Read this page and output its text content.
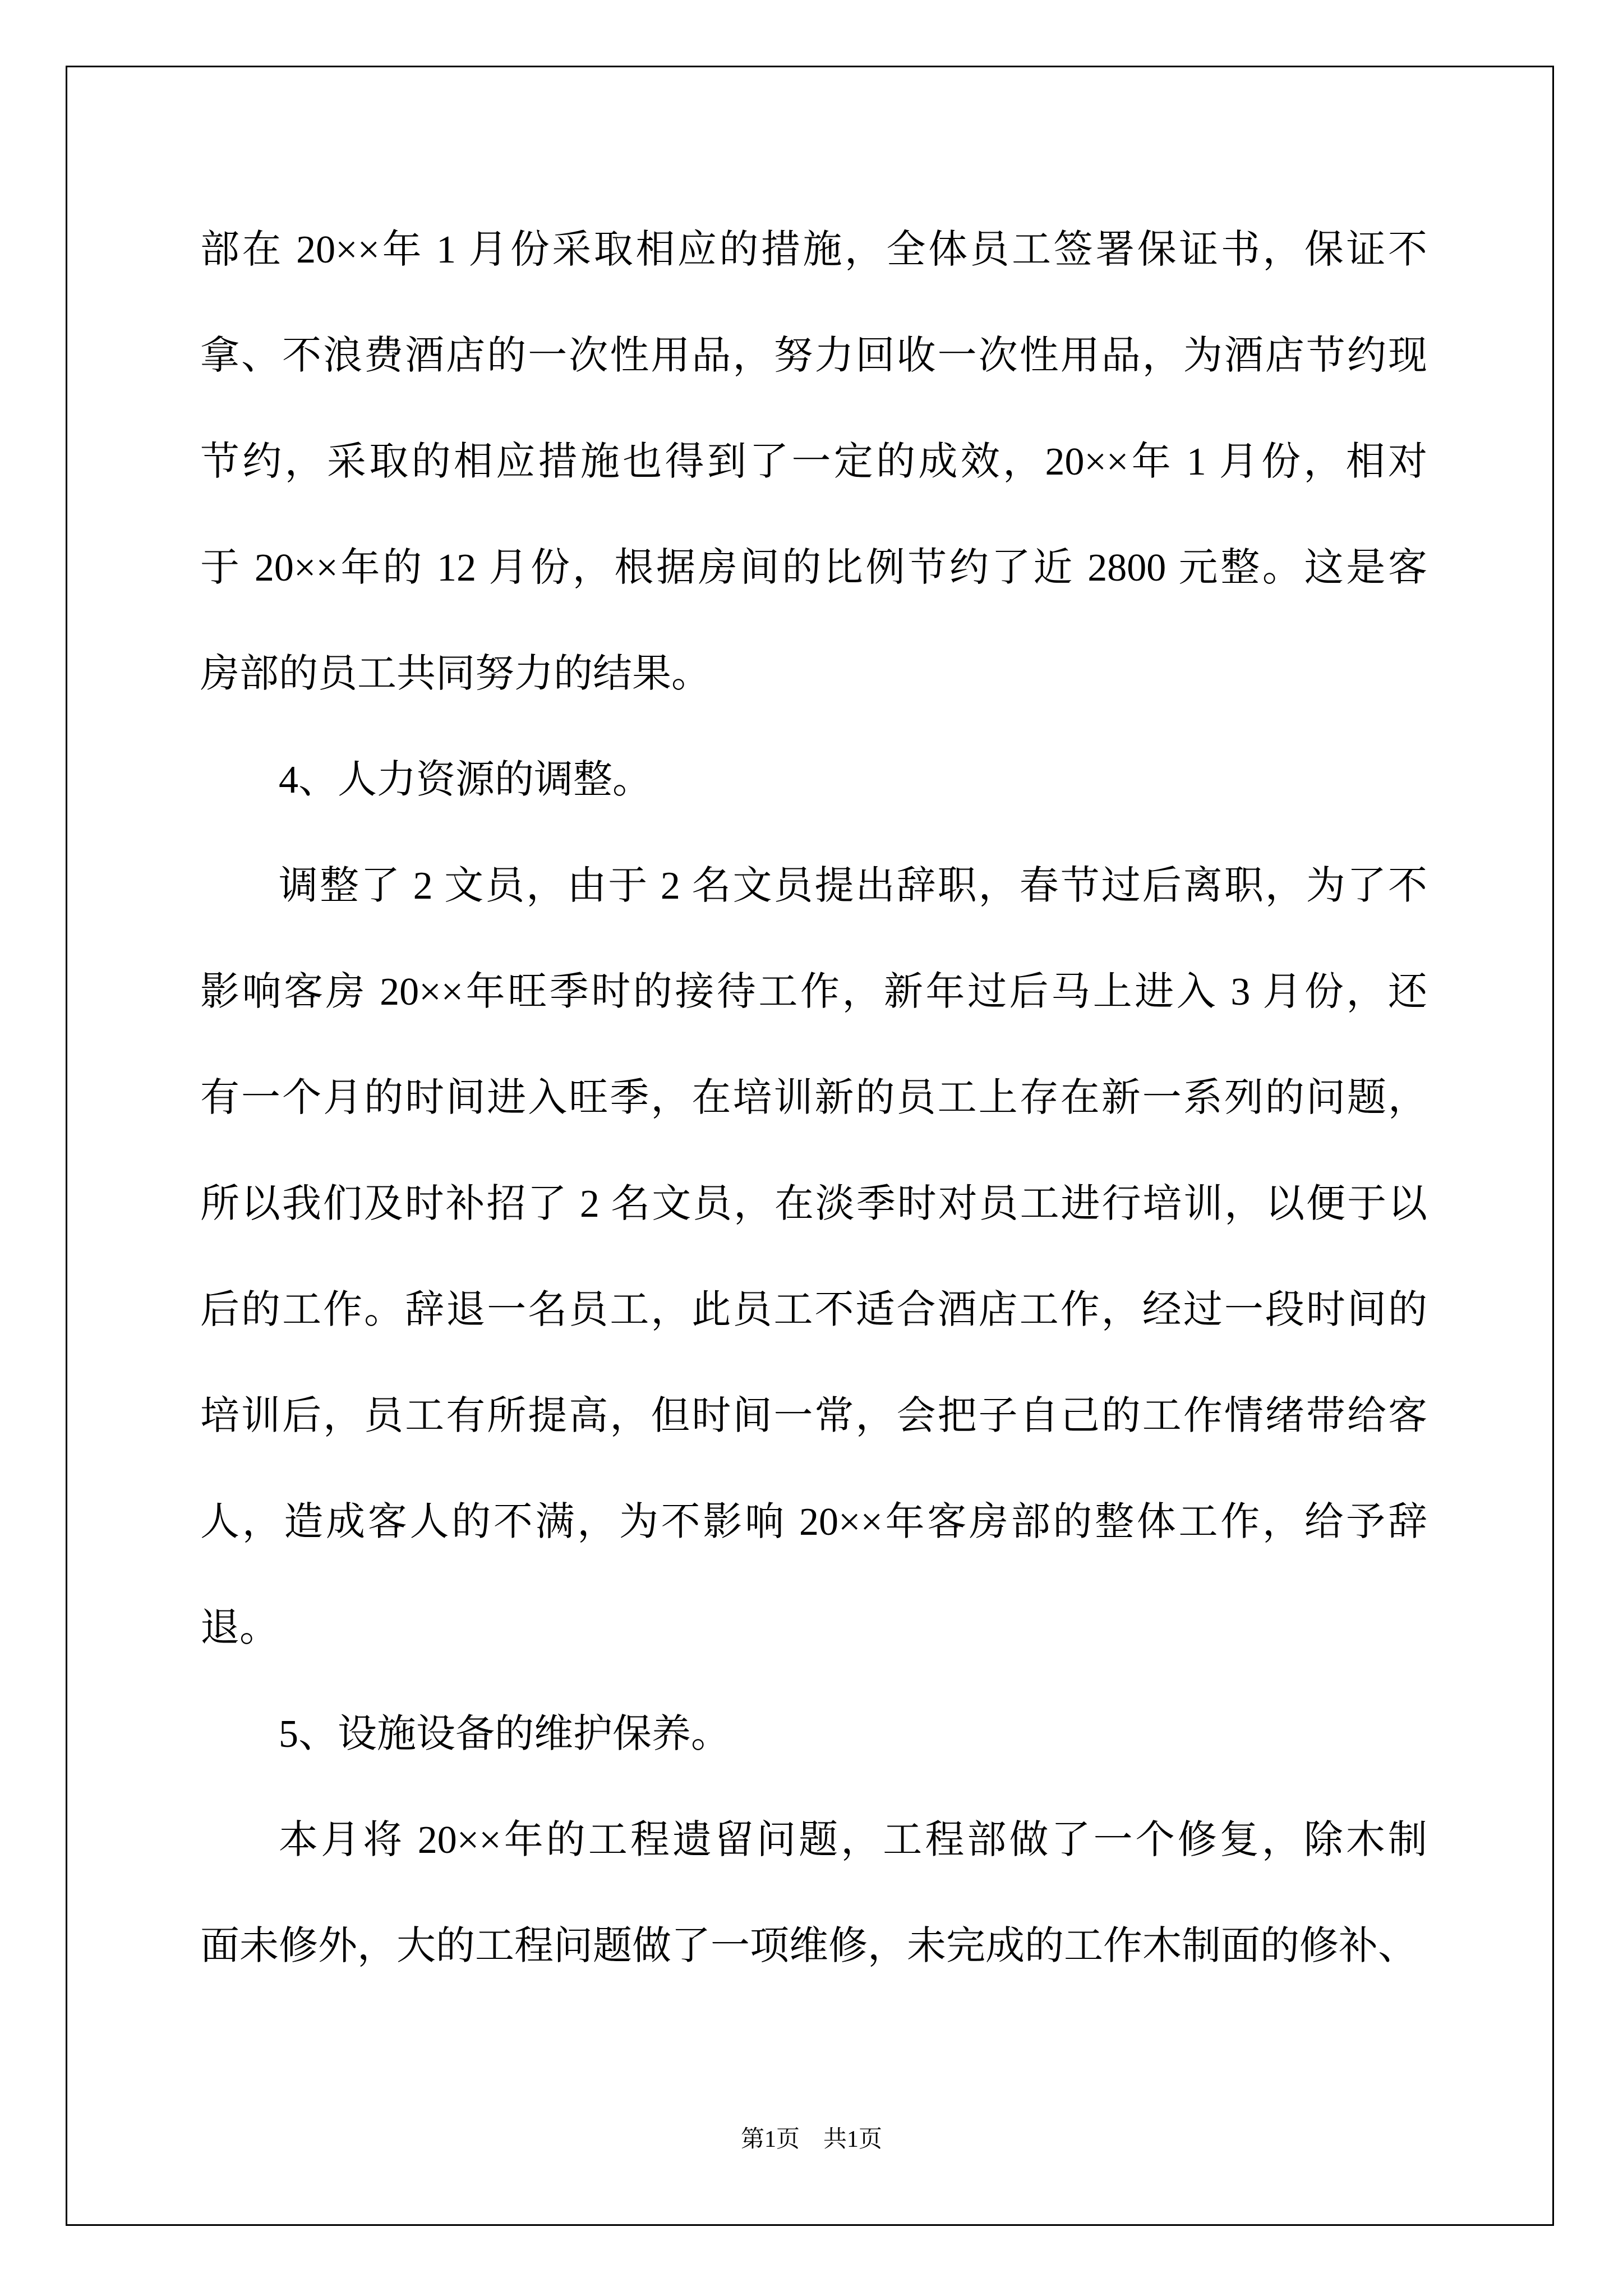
部在 20××年 1 月份采取相应的措施，全体员工签署保证书，保证不
拿、不浪费酒店的一次性用品，努力回收一次性用品，为酒店节约现
节约，采取的相应措施也得到了一定的成效，20××年 1 月份，相对
于 20××年的 12 月份，根据房间的比例节约了近 2800 元整。这是客
房部的员工共同努力的结果。
4、人力资源的调整。
调整了 2 文员，由于 2 名文员提出辞职，春节过后离职，为了不
影响客房 20××年旺季时的接待工作，新年过后马上进入 3 月份，还
有一个月的时间进入旺季，在培训新的员工上存在新一系列的问题，
所以我们及时补招了 2 名文员，在淡季时对员工进行培训，以便于以
后的工作。辞退一名员工，此员工不适合酒店工作，经过一段时间的
培训后，员工有所提高，但时间一常，会把子自己的工作情绪带给客
人，造成客人的不满，为不影响 20××年客房部的整体工作，给予辞
退。
5、设施设备的维护保养。
本月将 20××年的工程遗留问题，工程部做了一个修复，除木制
面未修外，大的工程问题做了一项维修，未完成的工作木制面的修补、
第1页　共1页
